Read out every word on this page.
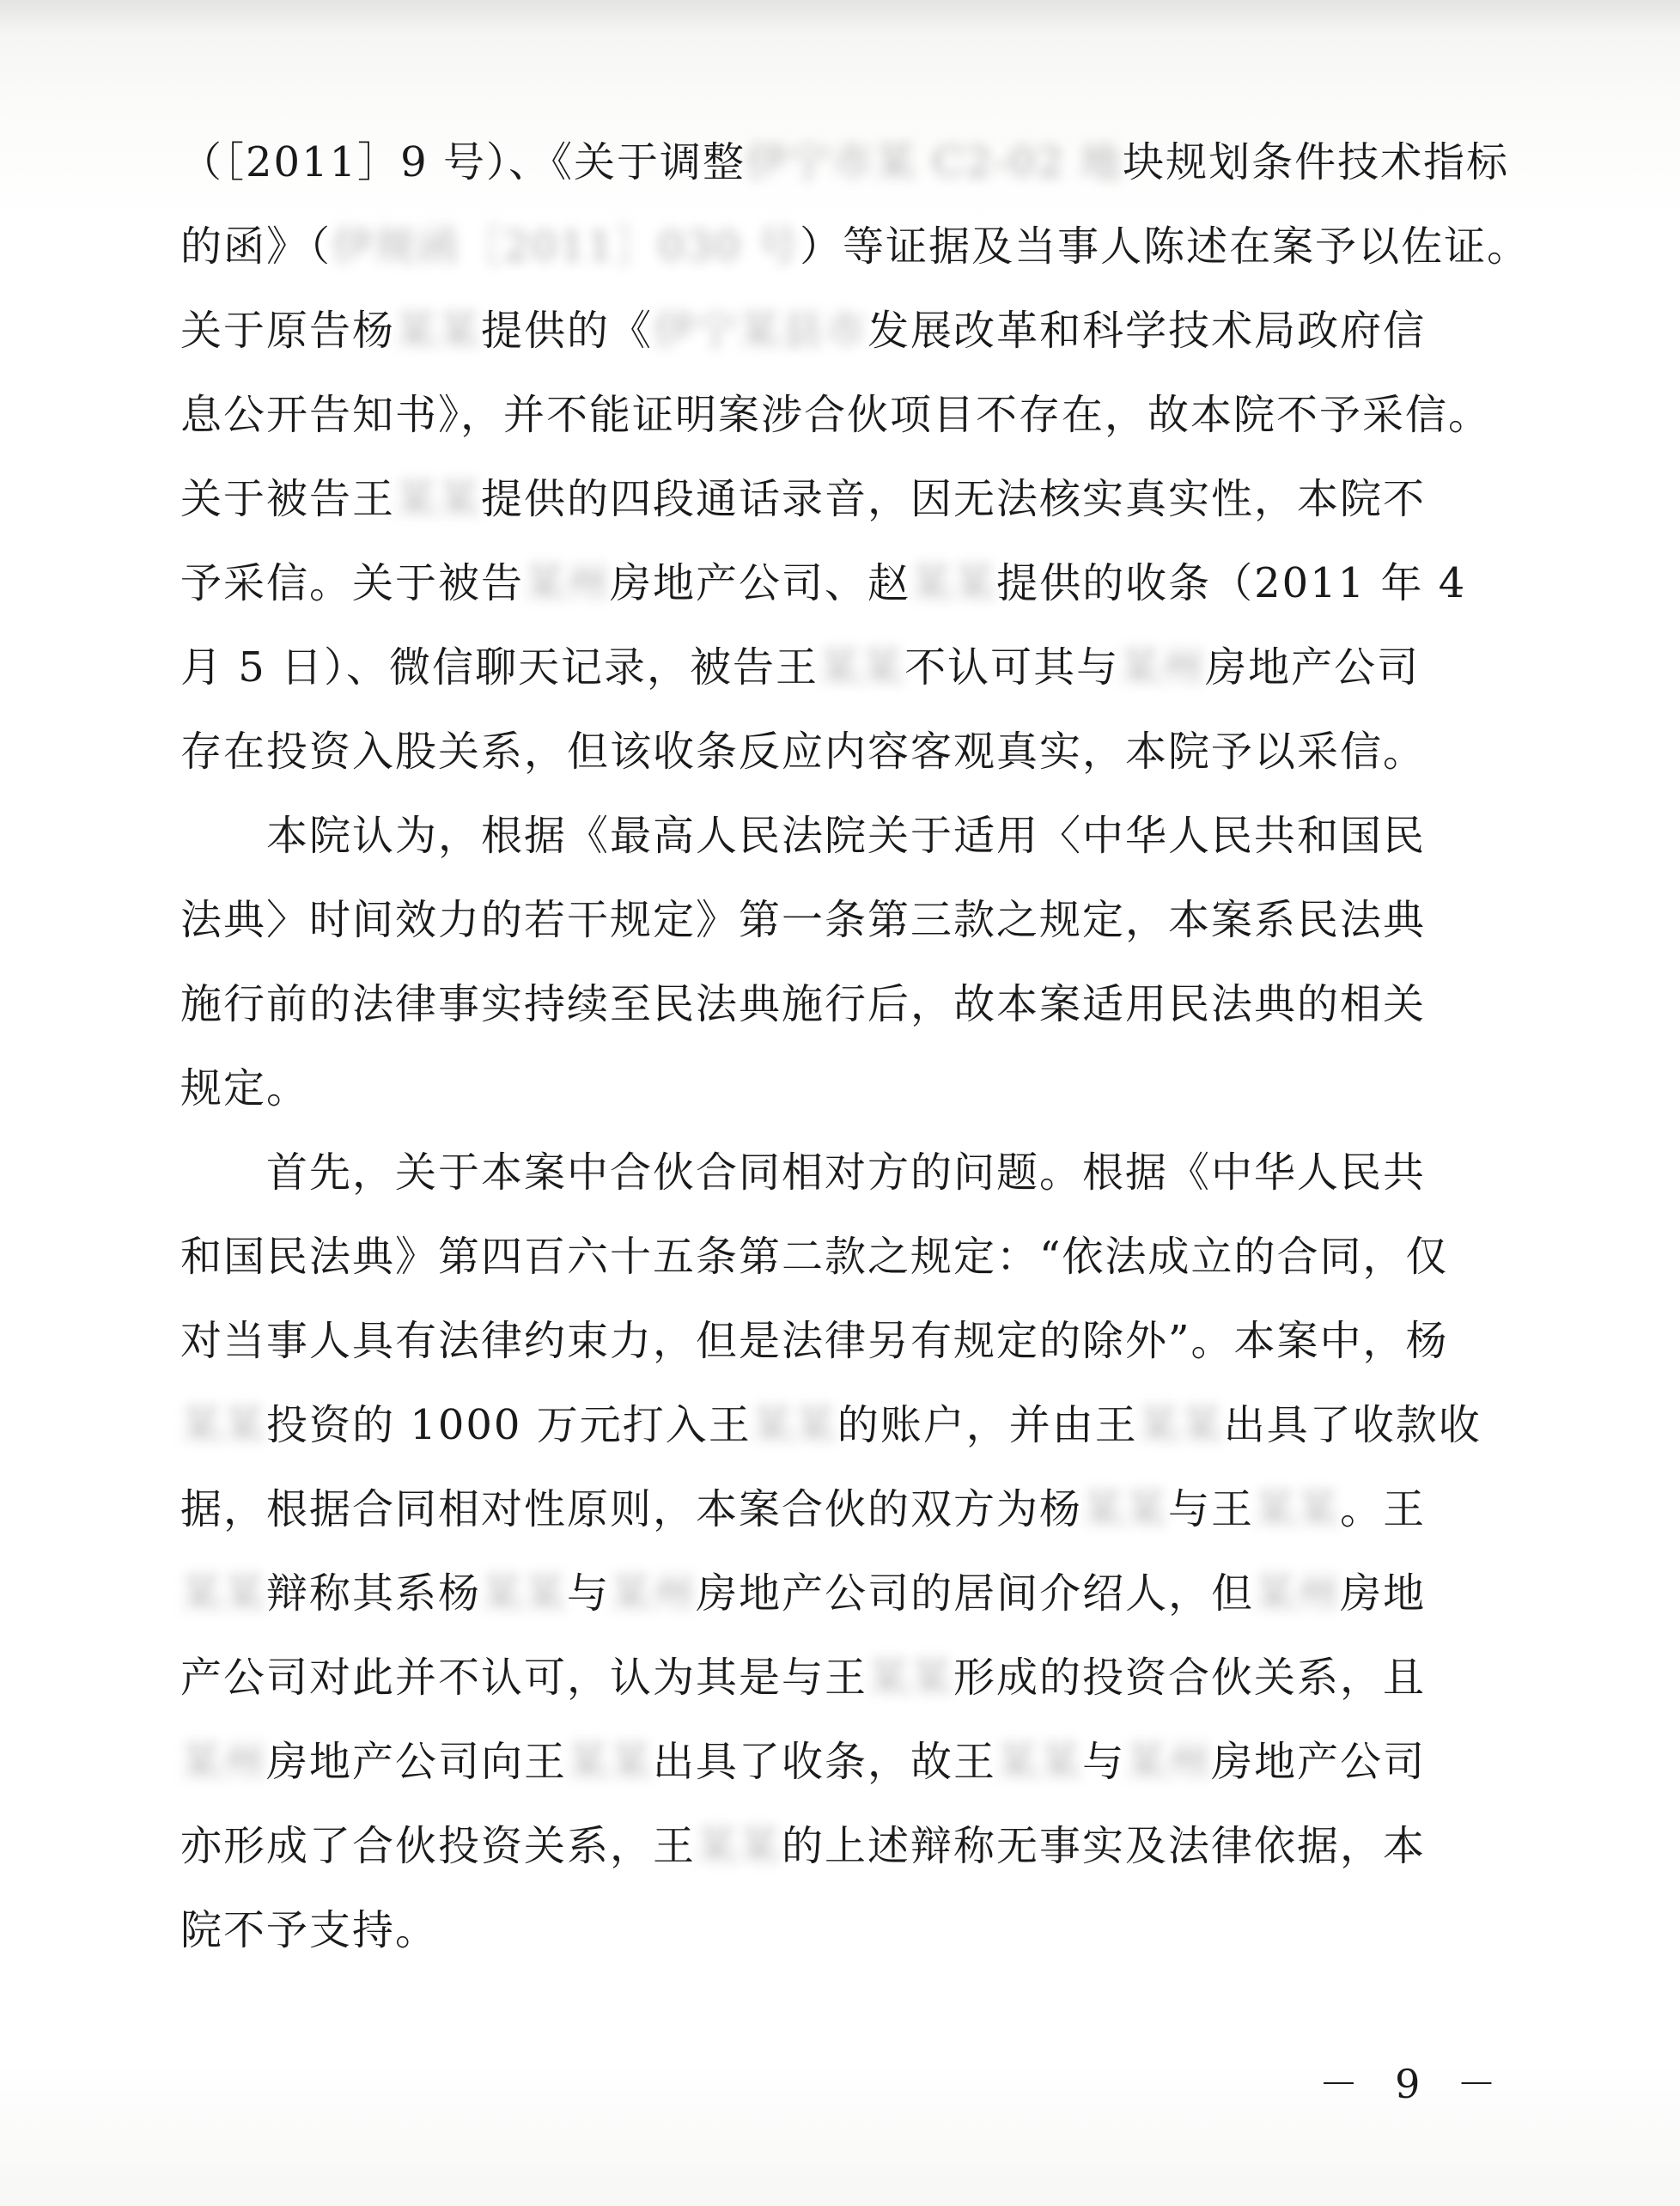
（［2011］9 号）、《关于调整伊宁市某 C2-02 地块规划条件技术指标
的函》（伊规函［2011］030 号）等证据及当事人陈述在案予以佐证。
关于原告杨某某提供的《伊宁某县市发展改革和科学技术局政府信
息公开告知书》，并不能证明案涉合伙项目不存在，故本院不予采信。
关于被告王某某提供的四段通话录音，因无法核实真实性，本院不
予采信。关于被告某州房地产公司、赵某某提供的收条（2011 年 4
月 5 日）、微信聊天记录，被告王某某不认可其与某州房地产公司
存在投资入股关系，但该收条反应内容客观真实，本院予以采信。
本院认为，根据《最高人民法院关于适用〈中华人民共和国民
法典〉时间效力的若干规定》第一条第三款之规定，本案系民法典
施行前的法律事实持续至民法典施行后，故本案适用民法典的相关
规定。
首先，关于本案中合伙合同相对方的问题。根据《中华人民共
和国民法典》第四百六十五条第二款之规定：“依法成立的合同，仅
对当事人具有法律约束力，但是法律另有规定的除外”。本案中，杨
某某投资的 1000 万元打入王某某的账户，并由王某某出具了收款收
据，根据合同相对性原则，本案合伙的双方为杨某某与王某某。王
某某辩称其系杨某某与某州房地产公司的居间介绍人，但某州房地
产公司对此并不认可，认为其是与王某某形成的投资合伙关系，且
某州房地产公司向王某某出具了收条，故王某某与某州房地产公司
亦形成了合伙投资关系，王某某的上述辩称无事实及法律依据，本
院不予支持。
－ 9 －
